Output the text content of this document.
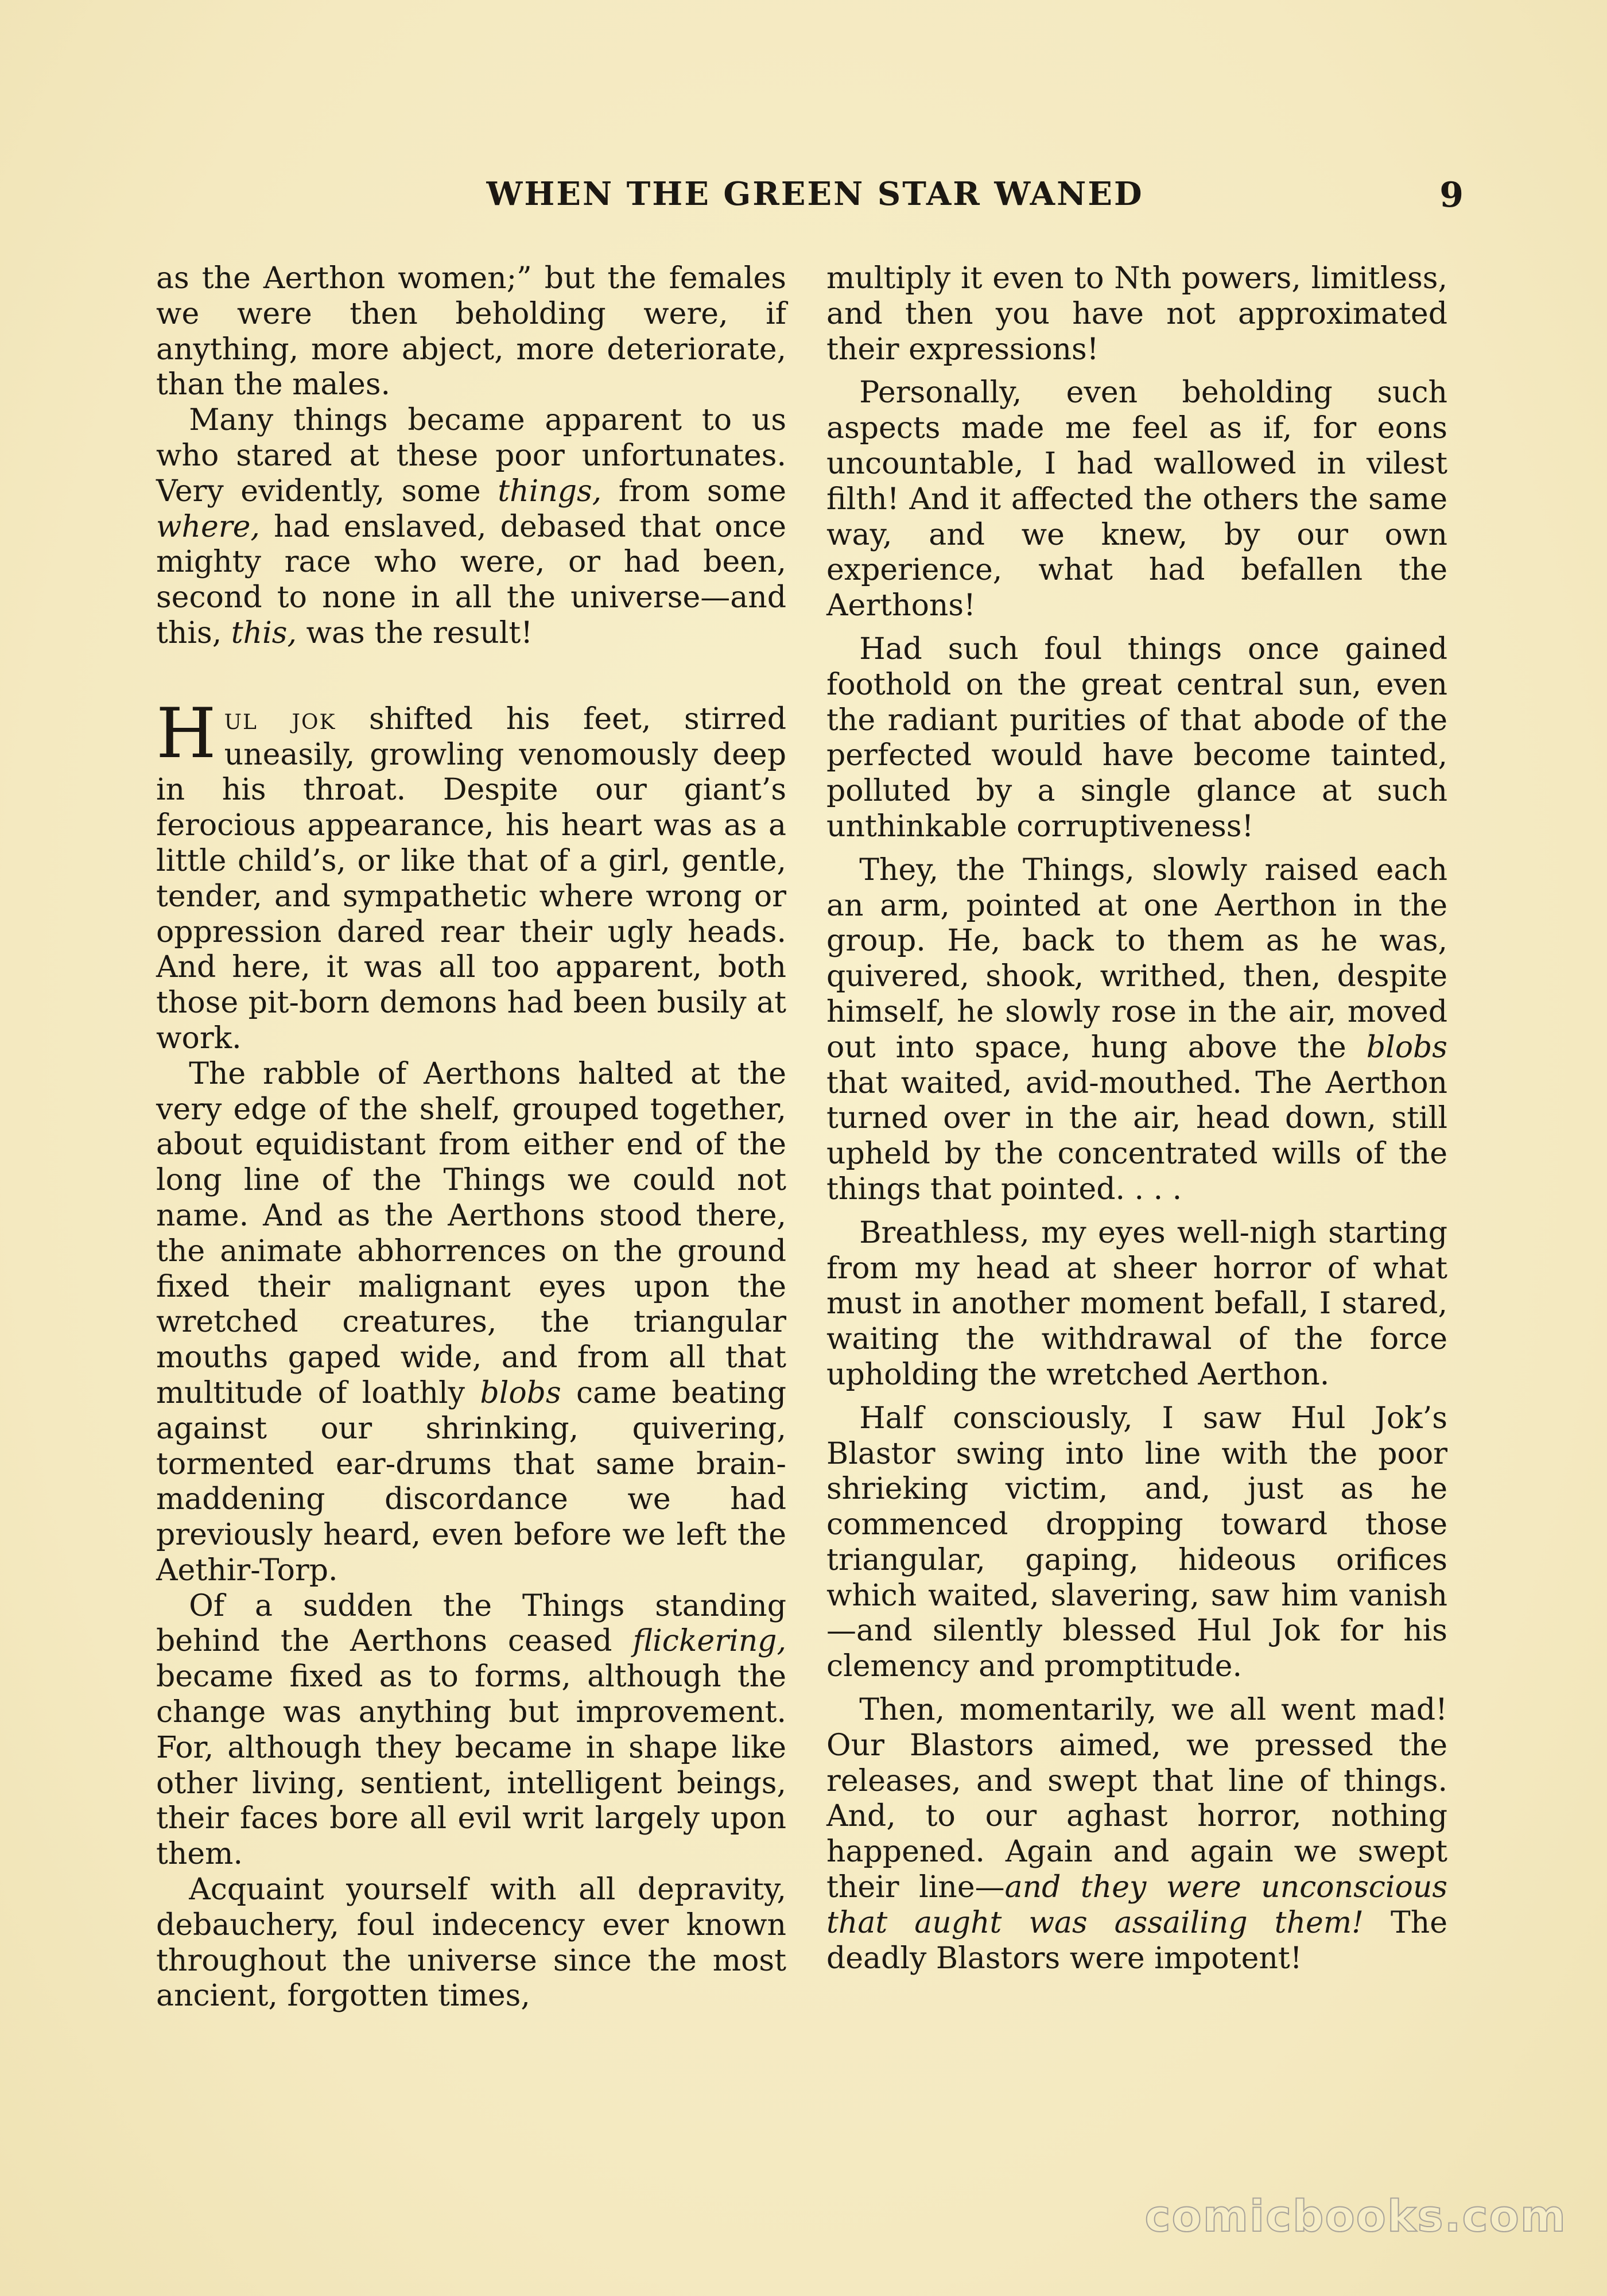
WHEN THE GREEN STAR WANED	9

as the Aerthon women;” but the females we were then beholding were, if anything, more abject, more deteriorate, than the males.

Many things became apparent to us who stared at these poor unfortunates. Very evidently, some things, from some where, had enslaved, debased that once mighty race who were, or had been, second to none in all the universe—and this, this, was the result!

Hul jok shifted his feet, stirred uneasily, growling venomously deep in his throat. Despite our giant’s ferocious appearance, his heart was as a little child’s, or like that of a girl, gentle, tender, and sympathetic where wrong or oppression dared rear their ugly heads. And here, it was all too apparent, both those pit-born demons had been busily at work.

The rabble of Aerthons halted at the very edge of the shelf, grouped together, about equidistant from either end of the long line of the Things we could not name. And as the Aerthons stood there, the animate abhorrences on the ground fixed their malignant eyes upon the wretched creatures, the triangular mouths gaped wide, and from all that multitude of loathly blobs came beating against our shrinking, quivering, tormented ear-drums that same brain-maddening discordance we had previously heard, even before we left the Aethir-Torp.

Of a sudden the Things standing behind the Aerthons ceased flickering, became fixed as to forms, although the change was anything but improvement. For, although they became in shape like other living, sentient, intelligent beings, their faces bore all evil writ largely upon them.

Acquaint yourself with all depravity, debauchery, foul indecency ever known throughout the universe since the most ancient, forgotten times,

multiply it even to Nth powers, limitless, and then you have not approximated their expressions!

Personally, even beholding such aspects made me feel as if, for eons uncountable, I had wallowed in vilest filth! And it affected the others the same way, and we knew, by our own experience, what had befallen the Aerthons!

Had such foul things once gained foothold on the great central sun, even the radiant purities of that abode of the perfected would have become tainted, polluted by a single glance at such unthinkable corruptiveness!

They, the Things, slowly raised each an arm, pointed at one Aerthon in the group. He, back to them as he was, quivered, shook, writhed, then, despite himself, he slowly rose in the air, moved out into space, hung above the blobs that waited, avid-mouthed. The Aerthon turned over in the air, head down, still upheld by the concentrated wills of the things that pointed. . . .

Breathless, my eyes well-nigh starting from my head at sheer horror of what must in another moment befall, I stared, waiting the withdrawal of the force upholding the wretched Aerthon.

Half consciously, I saw Hul Jok’s Blastor swing into line with the poor shrieking victim, and, just as he commenced dropping toward those triangular, gaping, hideous orifices which waited, slavering, saw him vanish—and silently blessed Hul Jok for his clemency and promptitude.

Then, momentarily, we all went mad! Our Blastors aimed, we pressed the releases, and swept that line of things. And, to our aghast horror, nothing happened. Again and again we swept their line—and they were unconscious that aught was assailing them! The deadly Blastors were impotent!

comicbooks.com
